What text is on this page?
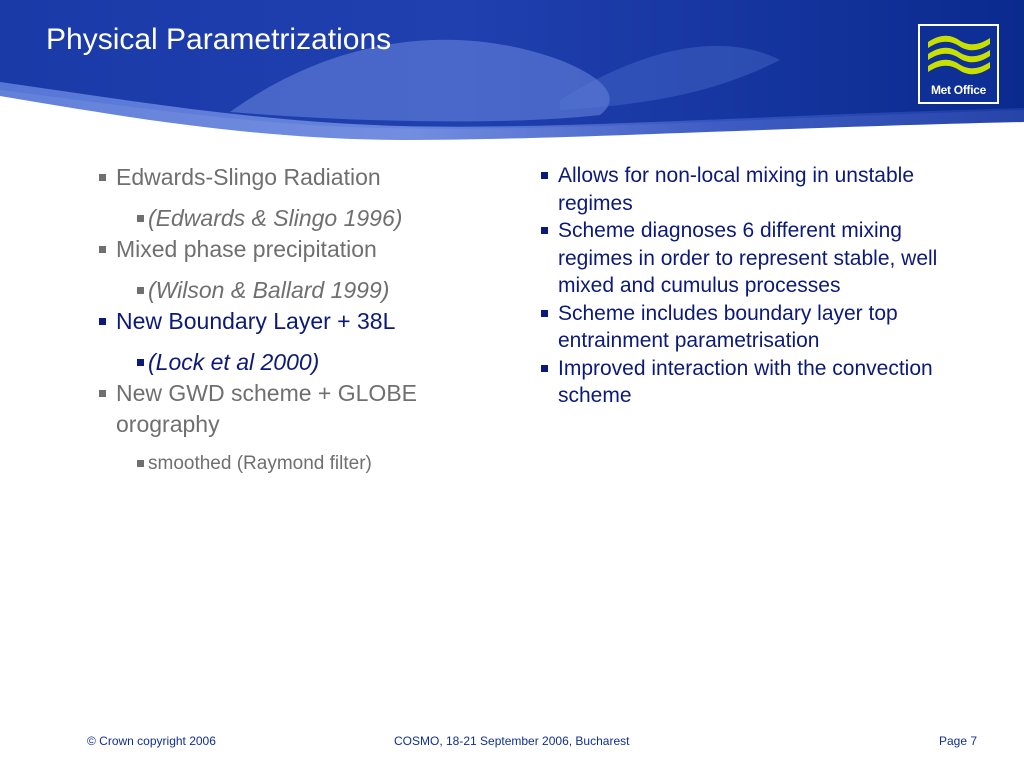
Physical Parametrizations
Met Office
Edwards-Slingo Radiation
(Edwards & Slingo 1996)
Mixed phase precipitation
(Wilson & Ballard 1999)
New Boundary Layer + 38L
(Lock et al 2000)
New GWD scheme + GLOBE orography
smoothed (Raymond filter)
Allows for non-local mixing in unstable regimes
Scheme diagnoses 6 different mixing regimes in order to represent stable, well mixed and cumulus processes
Scheme includes boundary layer top entrainment parametrisation
Improved interaction with the convection scheme
© Crown copyright 2006	COSMO, 18-21 September 2006, Bucharest	Page 7
